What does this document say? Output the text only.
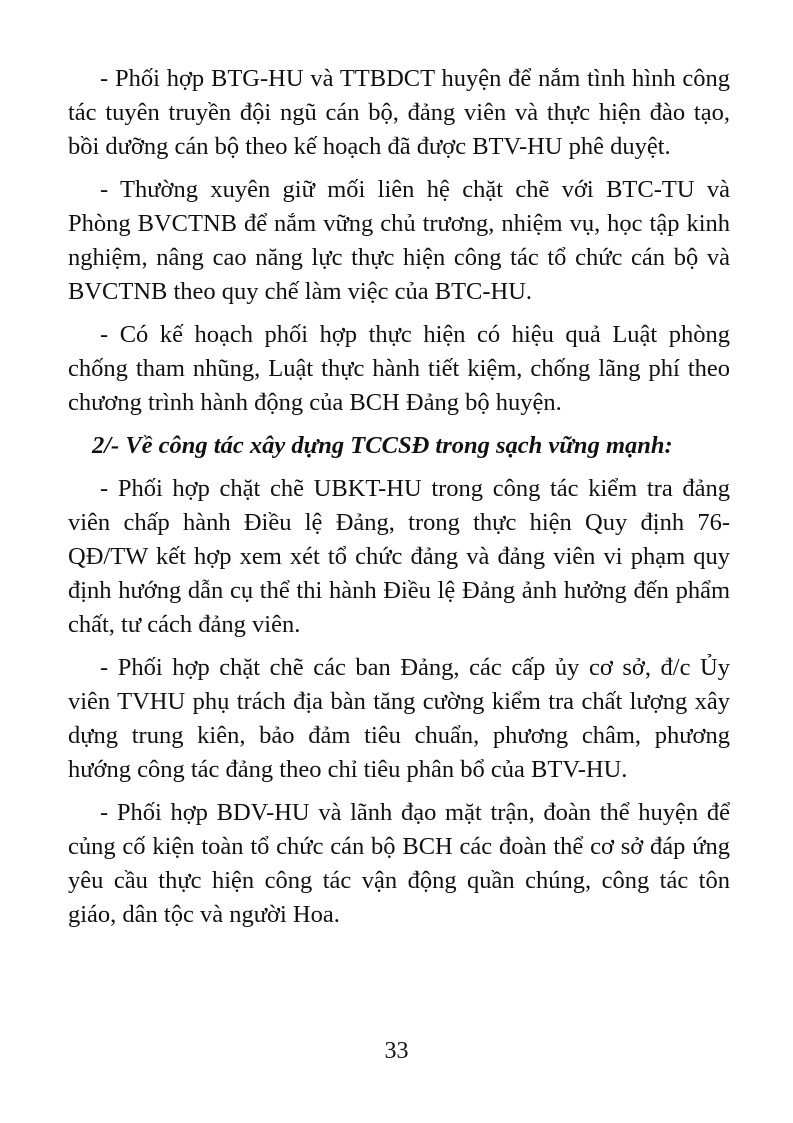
- Phối hợp BTG-HU và TTBDCT huyện để nắm tình hình công tác tuyên truyền đội ngũ cán bộ, đảng viên và thực hiện đào tạo, bồi dưỡng cán bộ theo kế hoạch đã được BTV-HU phê duyệt.

- Thường xuyên giữ mối liên hệ chặt chẽ với BTC-TU và Phòng BVCTNB để nắm vững chủ trương, nhiệm vụ, học tập kinh nghiệm, nâng cao năng lực thực hiện công tác tổ chức cán bộ và BVCTNB theo quy chế làm việc của BTC-HU.

- Có kế hoạch phối hợp thực hiện có hiệu quả Luật phòng chống tham nhũng, Luật thực hành tiết kiệm, chống lãng phí theo chương trình hành động của BCH Đảng bộ huyện.

2/- Về công tác xây dựng TCCSĐ trong sạch vững mạnh:

- Phối hợp chặt chẽ UBKT-HU trong công tác kiểm tra đảng viên chấp hành Điều lệ Đảng, trong thực hiện Quy định 76-QĐ/TW kết hợp xem xét tổ chức đảng và đảng viên vi phạm quy định hướng dẫn cụ thể thi hành Điều lệ Đảng ảnh hưởng đến phẩm chất, tư cách đảng viên.

- Phối hợp chặt chẽ các ban Đảng, các cấp ủy cơ sở, đ/c Ủy viên TVHU phụ trách địa bàn tăng cường kiểm tra chất lượng xây dựng trung kiên, bảo đảm tiêu chuẩn, phương châm, phương hướng công tác đảng theo chỉ tiêu phân bổ của BTV-HU.

- Phối hợp BDV-HU và lãnh đạo mặt trận, đoàn thể huyện để củng cố kiện toàn tổ chức cán bộ BCH các đoàn thể cơ sở đáp ứng yêu cầu thực hiện công tác vận động quần chúng, công tác tôn giáo, dân tộc và người Hoa.

33
